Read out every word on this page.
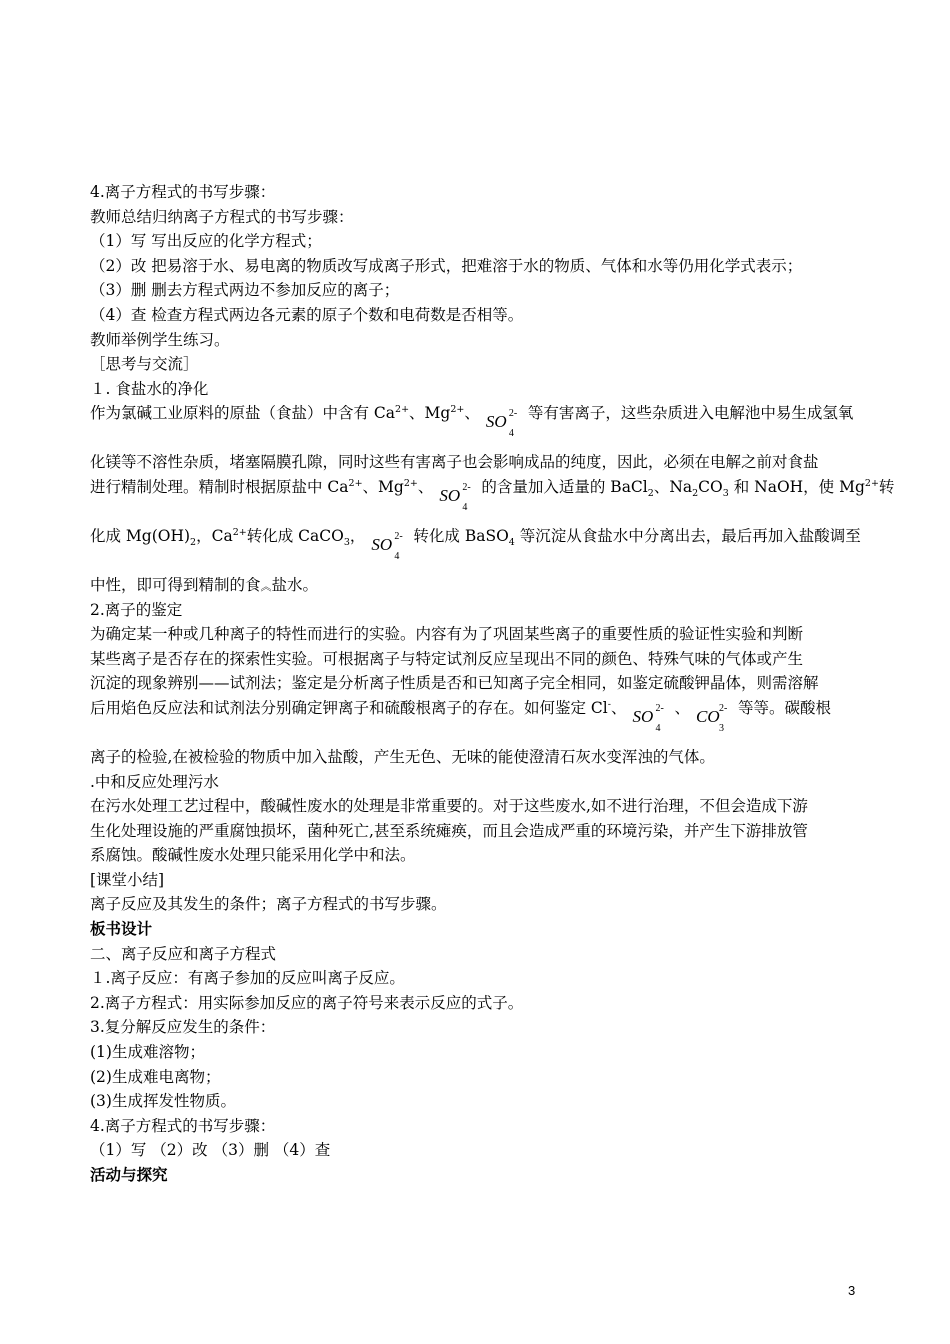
4.离子方程式的书写步骤：
教师总结归纳离子方程式的书写步骤：
（1）写 写出反应的化学方程式；
（2）改 把易溶于水、易电离的物质改写成离子形式，把难溶于水的物质、气体和水等仍用化学式表示；
（3）删 删去方程式两边不参加反应的离子；
（4）查 检查方程式两边各元素的原子个数和电荷数是否相等。
教师举例学生练习。
［思考与交流］
１. 食盐水的净化
作为氯碱工业原料的原盐（食盐）中含有 $Ca^{2+}$、$Mg^{2+}$、 SO 2-
4
等有害离子，这些杂质进入电解池中易生成氢氧
化镁等不溶性杂质，堵塞隔膜孔隙，同时这些有害离子也会影响成品的纯度，因此，必须在电解之前对食盐
进行精制处理。精制时根据原盐中 $Ca^{2+}$、$Mg^{2+}$、 SO 2-
4
的含量加入适量的 BaCl$_2$、$Na_2CO_3$ 和 NaOH，使 $Mg^{2+}$转
化成 $Mg(OH)_2$，$Ca^{2+}$转化成 CaCO$_3$， SO 2-
4
转化成 BaSO$_4$ 等沉淀从食盐水中分离出去，最后再加入盐酸调至
中性，即可得到精制的食︽盐水。
2.离子的鉴定
为确定某一种或几种离子的特性而进行的实验。内容有为了巩固某些离子的重要性质的验证性实验和判断
某些离子是否存在的探索性实验。可根据离子与特定试剂反应呈现出不同的颜色、特殊气味的气体或产生
沉淀的现象辨别——试剂法；鉴定是分析离子性质是否和已知离子完全相同，如鉴定硫酸钾晶体，则需溶解
后用焰色反应法和试剂法分别确定钾离子和硫酸根离子的存在。如何鉴定 Cl-、 SO 2-
4
、 CO 2-
3
等等。碳酸根
离子的检验,在被检验的物质中加入盐酸，产生无色、无味的能使澄清石灰水变浑浊的气体。
.中和反应处理污水
在污水处理工艺过程中，酸碱性废水的处理是非常重要的。对于这些废水,如不进行治理，不但会造成下游
生化处理设施的严重腐蚀损坏，菌种死亡,甚至系统瘫痪，而且会造成严重的环境污染，并产生下游排放管
系腐蚀。酸碱性废水处理只能采用化学中和法。
[课堂小结]
离子反应及其发生的条件；离子方程式的书写步骤。
板书设计
二、离子反应和离子方程式
１.离子反应：有离子参加的反应叫离子反应。
2.离子方程式：用实际参加反应的离子符号来表示反应的式子。
3.复分解反应发生的条件：
(1)生成难溶物；
(2)生成难电离物；
(3)生成挥发性物质。
4.离子方程式的书写步骤：
（1）写 （2）改 （3）删 （4）查
活动与探究
3
